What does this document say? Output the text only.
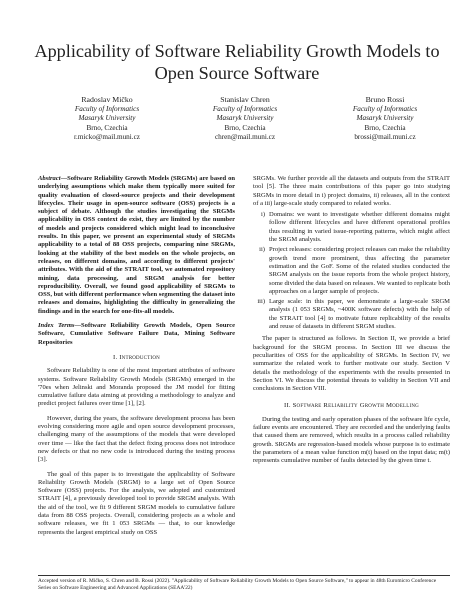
Applicability of Software Reliability Growth Models to Open Source Software
Radoslav Mičko
Faculty of Informatics
Masaryk University
Brno, Czechia
r.micko@mail.muni.cz
Stanislav Chren
Faculty of Informatics
Masaryk University
Brno, Czechia
chren@mail.muni.cz
Bruno Rossi
Faculty of Informatics
Masaryk University
Brno, Czechia
brossi@mail.muni.cz

Abstract—Software Reliability Growth Models (SRGMs) are based on underlying assumptions which make them typically more suited for quality evaluation of closed-source projects and their development lifecycles. Their usage in open-source software (OSS) projects is a subject of debate. Although the studies investigating the SRGMs applicability in OSS context do exist, they are limited by the number of models and projects considered which might lead to inconclusive results. In this paper, we present an experimental study of SRGMs applicability to a total of 88 OSS projects, comparing nine SRGMs, looking at the stability of the best models on the whole projects, on releases, on different domains, and according to different projects' attributes. With the aid of the STRAIT tool, we automated repository mining, data processing, and SRGM analysis for better reproducibility. Overall, we found good applicability of SRGMs to OSS, but with different performance when segmenting the dataset into releases and domains, highlighting the difficulty in generalizing the findings and in the search for one-fits-all models.

Index Terms—Software Reliability Growth Models, Open Source Software, Cumulative Software Failure Data, Mining Software Repositories

I. Introduction

Software Reliability is one of the most important attributes of software systems. Software Reliability Growth Models (SRGMs) emerged in the '70es when Jelinski and Moranda proposed the JM model for fitting cumulative failure data aiming at providing a methodology to analyze and predict project failures over time [1], [2].

However, during the years, the software development process has been evolving considering more agile and open source development processes, challenging many of the assumptions of the models that were developed over time — like the fact that the defect fixing process does not introduce new defects or that no new code is introduced during the testing process [3].

The goal of this paper is to investigate the applicability of Software Reliability Growth Models (SRGM) to a large set of Open Source Software (OSS) projects. For the analysis, we adopted and customized STRAIT [4], a previously developed tool to provide SRGM analysis. With the aid of the tool, we fit 9 different SRGM models to cumulative failure data from 88 OSS projects. Overall, considering projects as a whole and software releases, we fit 1 053 SRGMs — that, to our knowledge represents the largest empirical study on OSS

SRGMs. We further provide all the datasets and outputs from the STRAIT tool [5]. The three main contributions of this paper go into studying SRGMs in more detail in i) project domains, ii) releases, all in the context of a iii) large-scale study compared to related works.

i) Domains: we want to investigate whether different domains might follow different lifecycles and have different operational profiles thus resulting in varied issue-reporting patterns, which might affect the SRGM analysis.
ii) Project releases: considering project releases can make the reliability growth trend more prominent, thus affecting the parameter estimation and the GoF. Some of the related studies conducted the SRGM analysis on the issue reports from the whole project history, some divided the data based on releases. We wanted to replicate both approaches on a larger sample of projects.
iii) Large scale: in this paper, we demonstrate a large-scale SRGM analysis (1 053 SRGMs, ~400K software defects) with the help of the STRAIT tool [4] to motivate future replicability of the results and reuse of datasets in different SRGM studies.

The paper is structured as follows. In Section II, we provide a brief background for the SRGM process. In Section III we discuss the peculiarities of OSS for the applicability of SRGMs. In Section IV, we summarize the related work to further motivate our study. Section V details the methodology of the experiments with the results presented in Section VI. We discuss the potential threats to validity in Section VII and conclusions in Section VIII.

II. Software Reliability Growth Modelling

During the testing and early operation phases of the software life cycle, failure events are encountered. They are recorded and the underlying faults that caused them are removed, which results in a process called reliability growth. SRGMs are regression-based models whose purpose is to estimate the parameters of a mean value function m(t) based on the input data; m(t) represents cumulative number of faults detected by the given time t.

Accepted version of R. Mičko, S. Chren and B. Rossi (2022). "Applicability of Software Reliability Growth Models to Open Source Software," to appear in 48th Euromicro Conference Series on Software Engineering and Advanced Applications (SEAA'22)
